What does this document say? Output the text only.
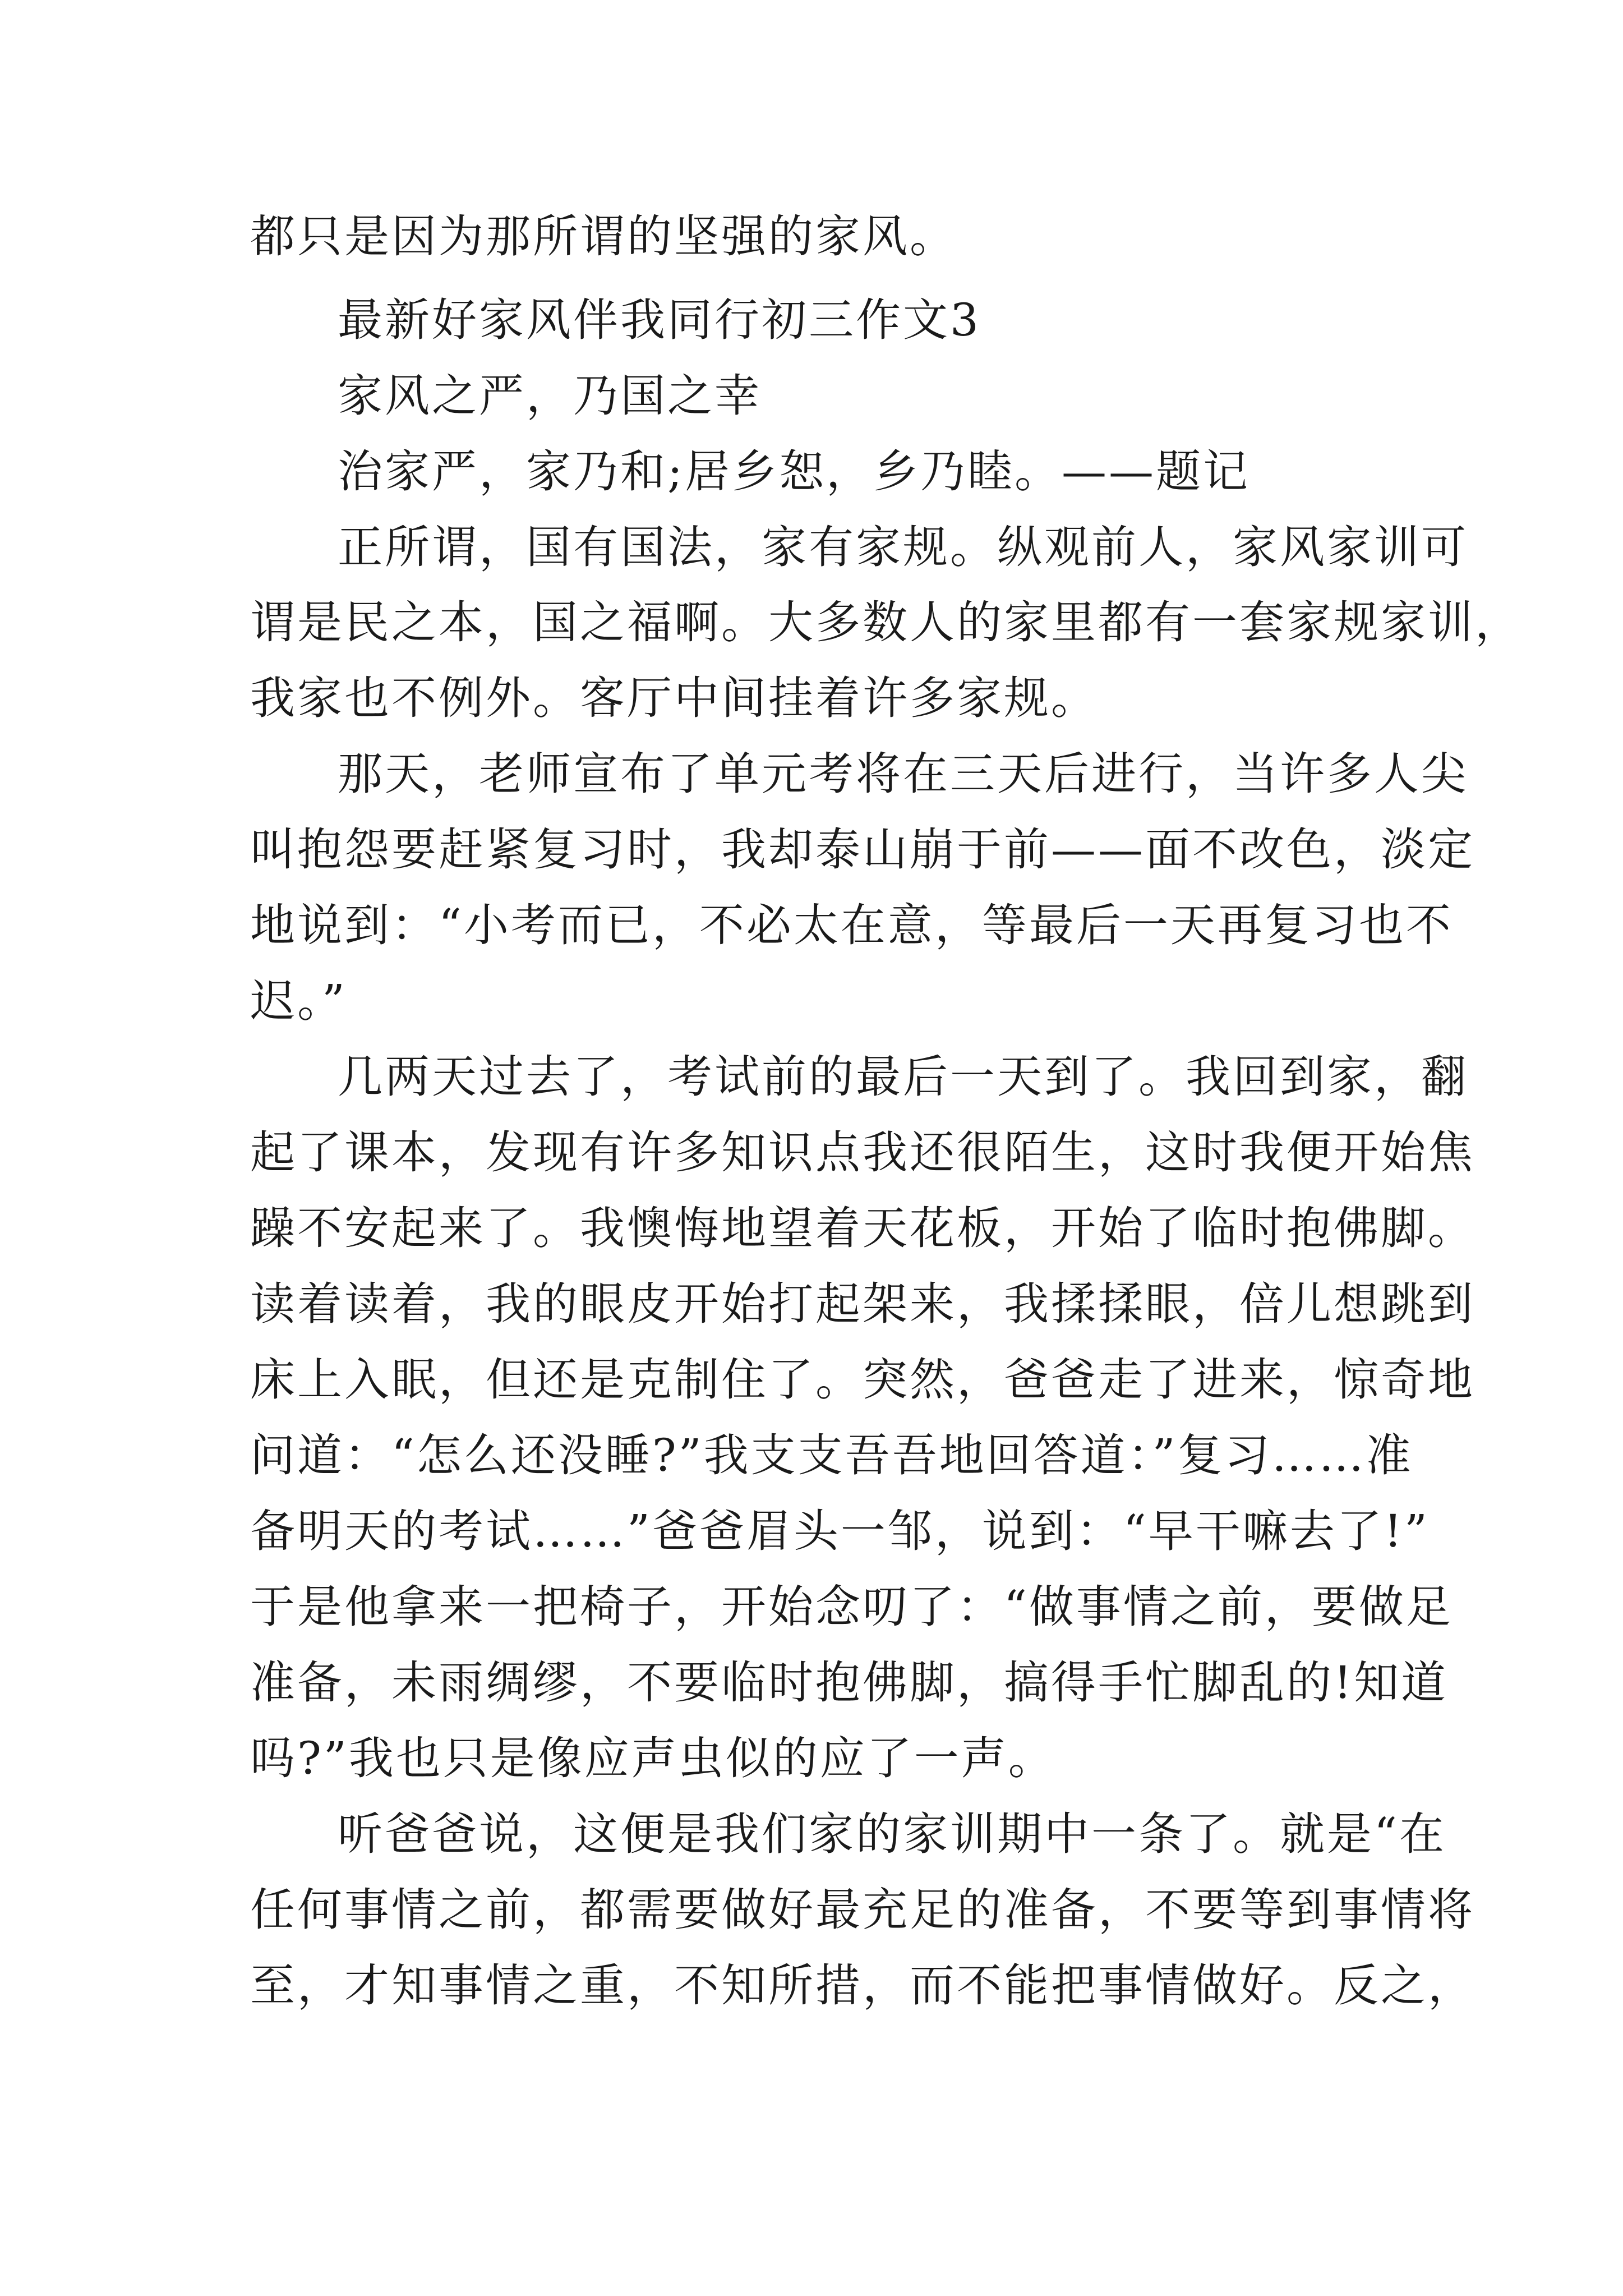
都只是因为那所谓的坚强的家风。
最新好家风伴我同行初三作文3
家风之严，乃国之幸
治家严，家乃和;居乡恕，乡乃睦。——题记
正所谓，国有国法，家有家规。纵观前人，家风家训可
谓是民之本，国之福啊。大多数人的家里都有一套家规家训，
我家也不例外。客厅中间挂着许多家规。
那天，老师宣布了单元考将在三天后进行，当许多人尖
叫抱怨要赶紧复习时，我却泰山崩于前——面不改色，淡定
地说到：“小考而已，不必太在意，等最后一天再复习也不
迟。”
几两天过去了，考试前的最后一天到了。我回到家，翻
起了课本，发现有许多知识点我还很陌生，这时我便开始焦
躁不安起来了。我懊悔地望着天花板，开始了临时抱佛脚。
读着读着，我的眼皮开始打起架来，我揉揉眼，倍儿想跳到
床上入眠，但还是克制住了。突然，爸爸走了进来，惊奇地
问道：“怎么还没睡?”我支支吾吾地回答道：”复习……准
备明天的考试……”爸爸眉头一邹，说到：“早干嘛去了!”
于是他拿来一把椅子，开始念叨了：“做事情之前，要做足
准备，未雨绸缪，不要临时抱佛脚，搞得手忙脚乱的!知道
吗?”我也只是像应声虫似的应了一声。
听爸爸说，这便是我们家的家训期中一条了。就是“在
任何事情之前，都需要做好最充足的准备，不要等到事情将
至，才知事情之重，不知所措，而不能把事情做好。反之，
